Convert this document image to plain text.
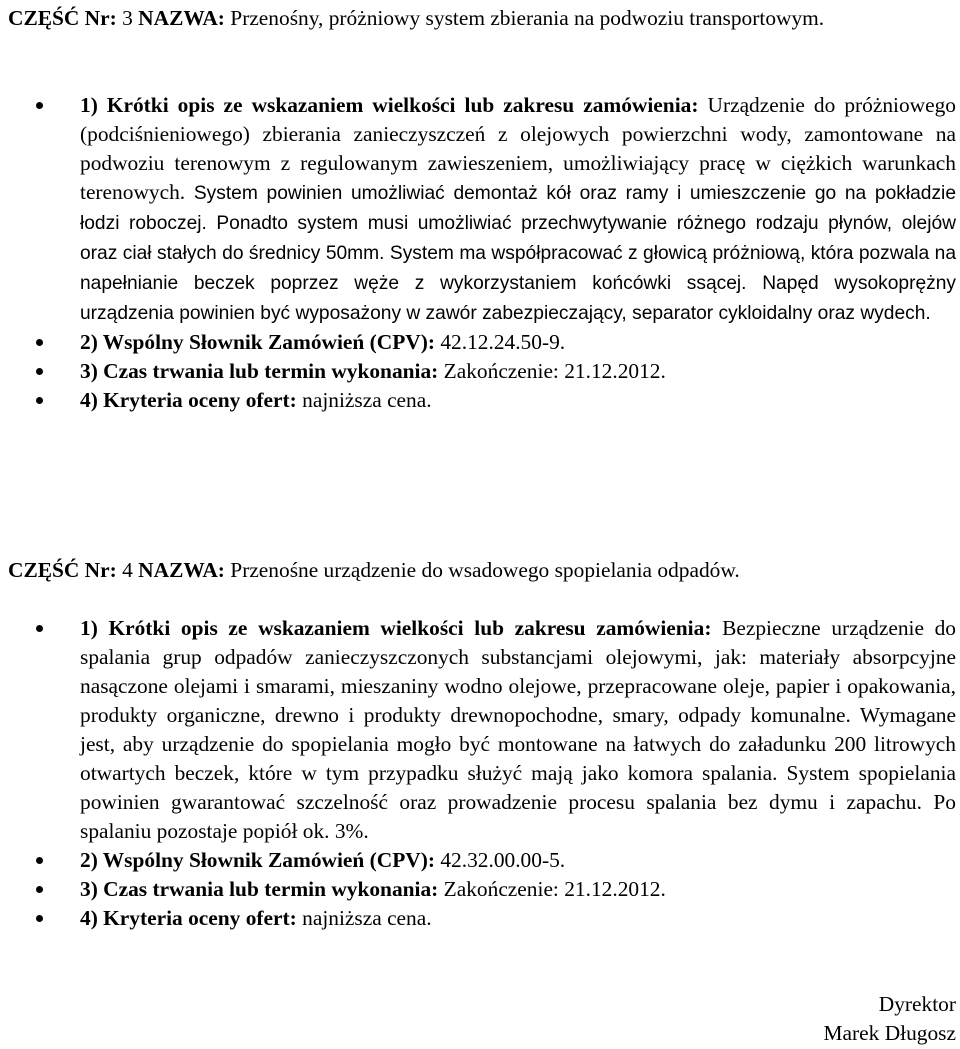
CZĘŚĆ Nr: 3 NAZWA: Przenośny, próżniowy system zbierania na podwoziu transportowym.

1) Krótki opis ze wskazaniem wielkości lub zakresu zamówienia: Urządzenie do próżniowego (podciśnieniowego) zbierania zanieczyszczeń z olejowych powierzchni wody, zamontowane na podwoziu terenowym z regulowanym zawieszeniem, umożliwiający pracę w ciężkich warunkach terenowych. System powinien umożliwiać demontaż kół oraz ramy i umieszczenie go na pokładzie łodzi roboczej. Ponadto system musi umożliwiać przechwytywanie różnego rodzaju płynów, olejów oraz ciał stałych do średnicy 50mm. System ma współpracować z głowicą próżniową, która pozwala na napełnianie beczek poprzez węże z wykorzystaniem końcówki ssącej. Napęd wysokoprężny urządzenia powinien być wyposażony w zawór zabezpieczający, separator cykloidalny oraz wydech.
2) Wspólny Słownik Zamówień (CPV): 42.12.24.50-9.
3) Czas trwania lub termin wykonania: Zakończenie: 21.12.2012.
4) Kryteria oceny ofert: najniższa cena.

CZĘŚĆ Nr: 4 NAZWA: Przenośne urządzenie do wsadowego spopielania odpadów.

1) Krótki opis ze wskazaniem wielkości lub zakresu zamówienia: Bezpieczne urządzenie do spalania grup odpadów zanieczyszczonych substancjami olejowymi, jak: materiały absorpcyjne nasączone olejami i smarami, mieszaniny wodno olejowe, przepracowane oleje, papier i opakowania, produkty organiczne, drewno i produkty drewnopochodne, smary, odpady komunalne. Wymagane jest, aby urządzenie do spopielania mogło być montowane na łatwych do załadunku 200 litrowych otwartych beczek, które w tym przypadku służyć mają jako komora spalania. System spopielania powinien gwarantować szczelność oraz prowadzenie procesu spalania bez dymu i zapachu. Po spalaniu pozostaje popiół ok. 3%.
2) Wspólny Słownik Zamówień (CPV): 42.32.00.00-5.
3) Czas trwania lub termin wykonania: Zakończenie: 21.12.2012.
4) Kryteria oceny ofert: najniższa cena.
Dyrektor
Marek Długosz
